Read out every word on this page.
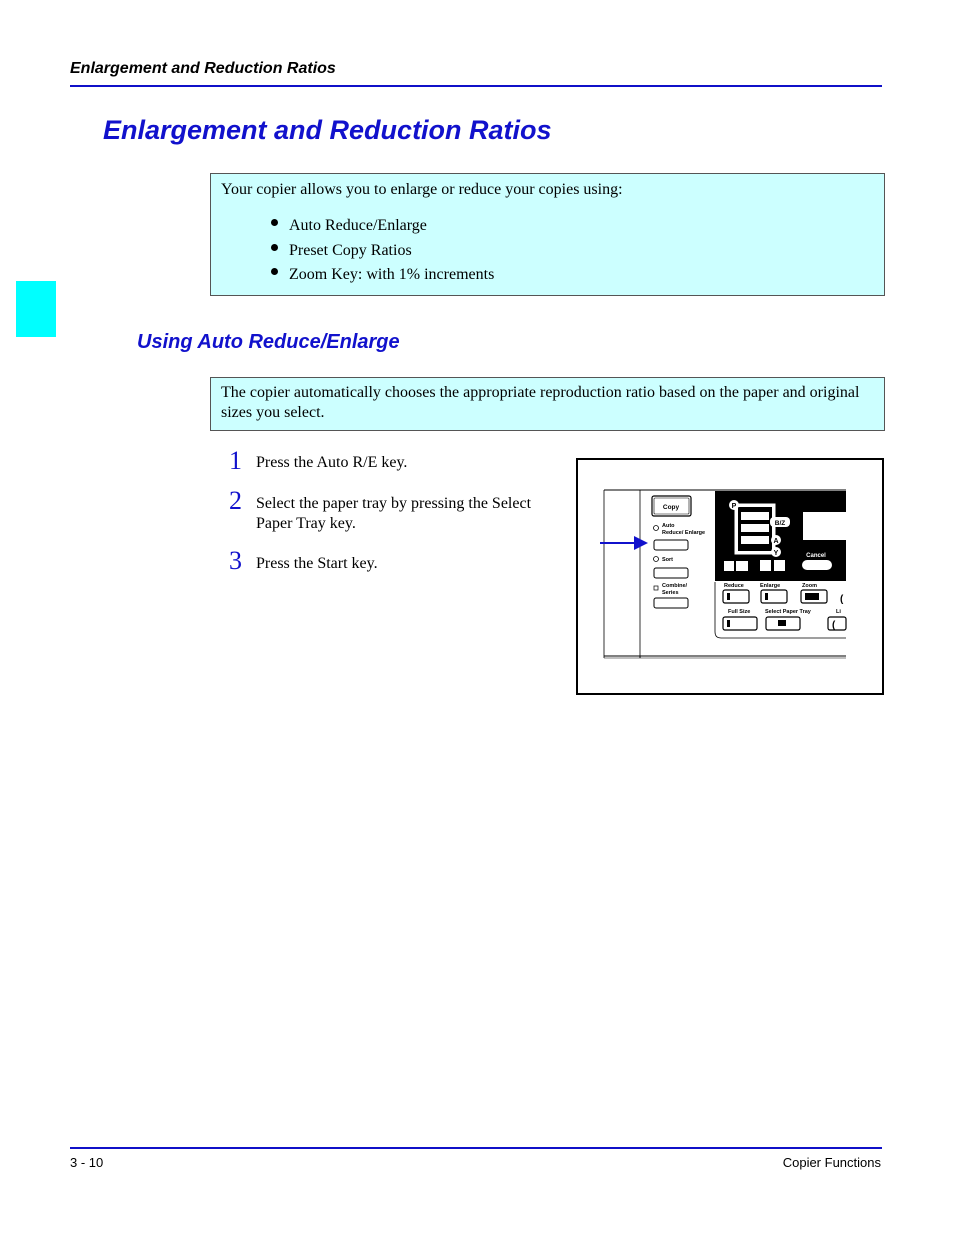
Enlargement and Reduction Ratios
Enlargement and Reduction Ratios
Your copier allows you to enlarge or reduce your copies using:
Auto Reduce/Enlarge
Preset Copy Ratios
Zoom Key: with 1% increments
Using Auto Reduce/Enlarge
The copier automatically chooses the appropriate reproduction ratio based on the paper and original sizes you select.
1 Press the Auto R/E key.
2 Select the paper tray by pressing the Select Paper Tray key.
3 Press the Start key.
Copy
Auto Reduce/ Enlarge
Sort
Combine/ Series
P
B/Z
A
Y	Cancel
Reduce	Enlarge	Zoom
(
Full Size	Select Paper Tray	Li
(
3 - 10	Copier Functions
